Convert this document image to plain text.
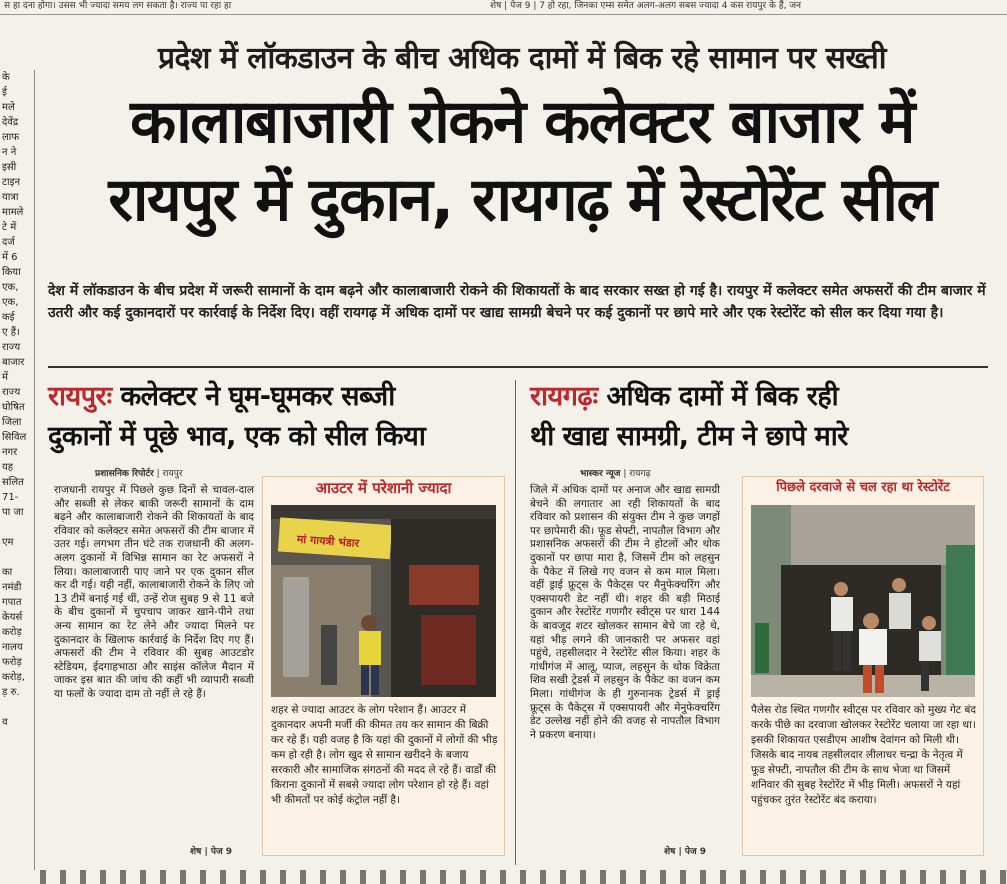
स हा दना होगा। उसस भी ज्यादा समय लग सकता है। राज्य पा रहा हा	शेष | पेज 9 | 7 हो रहा, जिनका एम्स समेत अलग-अलग सबस ज्यादा 4 कस रायपुर के हैं, जन
के
ई
मले
देवेंद्र
लाफ
न ने
इसी
टाइन
यात्रा
मामले
टे में
दर्ज
में 6
किया
एक,
एक,
कई
ए हैं।
राज्य
बाजार
में
राज्य
घोषित
जिला
सिविल
नगर
यह
सलित
71-
पा जा

एम

का
नमंडी
गपात
केयर्स
करोड़
नालय
फरोड़
करोड़,
ड़ रु.

व
प्रदेश में लॉकडाउन के बीच अधिक दामों में बिक रहे सामान पर सख्ती
कालाबाजारी रोकने कलेक्टर बाजार में
रायपुर में दुकान, रायगढ़ में रेस्टोरेंट सील
देश में लॉकडाउन के बीच प्रदेश में जरूरी सामानों के दाम बढ़ने और कालाबाजारी रोकने की शिकायतों के बाद सरकार सख्त हो गई है। रायपुर में कलेक्टर समेत अफसरों की टीम बाजार में उतरी और कई दुकानदारों पर कार्रवाई के निर्देश दिए। वहीं रायगढ़ में अधिक दामों पर खाद्य सामग्री बेचने पर कई दुकानों पर छापे मारे और एक रेस्टोरेंट को सील कर दिया गया है।
रायपुरः कलेक्टर ने घूम-घूमकर सब्जी
दुकानों में पूछे भाव, एक को सील किया
प्रशासनिक रिपोर्टर | रायपुर
राजधानी रायपुर में पिछले कुछ दिनों से चावल-दाल और सब्जी से लेकर बाकी जरूरी सामानों के दाम बढ़ने और कालाबाजारी रोकने की शिकायतों के बाद रविवार को कलेक्टर समेत अफसरों की टीम बाजार में उतर गई। लगभग तीन घंटे तक राजधानी की अलग-अलग दुकानों में विभिन्न सामान का रेट अफसरों ने लिया। कालाबाजारी पाए जाने पर एक दुकान सील कर दी गई। यही नहीं, कालाबाजारी रोकने के लिए जो 13 टीमें बनाई गई थीं, उन्हें रोज सुबह 9 से 11 बजे के बीच दुकानों में चुपचाप जाकर खाने-पीने तथा अन्य सामान का रेट लेने और ज्यादा मिलने पर दुकानदार के खिलाफ कार्रवाई के निर्देश दिए गए हैं। अफसरों की टीम ने रविवार की सुबह आउटडोर स्टेडियम, ईदगाहभाठा और साइंस कॉलेज मैदान में जाकर इस बात की जांच की कहीं भी व्यापारी सब्जी या फलों के ज्यादा दाम तो नहीं ले रहे हैं।
शेष | पेज 9
आउटर में परेशानी ज्यादा
मां गायत्री भंडार
शहर से ज्यादा आउटर के लोग परेशान हैं। आउटर में दुकानदार अपनी मर्जी की कीमत तय कर सामान की बिक्री कर रहे हैं। यही वजह है कि यहां की दुकानों में लोगों की भीड़ कम हो रही है। लोग खुद से सामान खरीदने के बजाय सरकारी और सामाजिक संगठनों की मदद ले रहे हैं। वार्डों की किराना दुकानों में सबसे ज्यादा लोग परेशान हो रहे हैं। वहां भी कीमतों पर कोई कंट्रोल नहीं है।
रायगढ़ः अधिक दामों में बिक रही
थी खाद्य सामग्री, टीम ने छापे मारे
भास्कर न्यूज | रायगढ़
जिले में अधिक दामों पर अनाज और खाद्य सामग्री बेचने की लगातार आ रही शिकायतों के बाद रविवार को प्रशासन की संयुक्त टीम ने कुछ जगहों पर छापेमारी की। फूड सेफ्टी, नापतौल विभाग और प्रशासनिक अफसरों की टीम ने होटलों और थोक दुकानों पर छापा मारा है, जिसमें टीम को लहसुन के पैकेट में लिखे गए वजन से कम माल मिला। वहीं ड्राई फ्रूट्स के पैकेट्स पर मैनुफेक्चरिंग और एक्सपायरी डेट नहीं थी। शहर की बड़ी मिठाई दुकान और रेस्टोरेंट गणगौर स्वीट्स पर धारा 144 के बावजूद शटर खोलकर सामान बेचे जा रहे थे, यहां भीड़ लगने की जानकारी पर अफसर वहां पहुंचे, तहसीलदार ने रेस्टोरेंट सील किया। शहर के गांधीगंज में आलू, प्याज, लहसुन के थोक विक्रेता शिव सखी ट्रेडर्स में लहसुन के पैकेट का वजन कम मिला। गांधीगंज के ही गुरुनानक ट्रेडर्स में ड्राई फ्रूट्स के पैकेट्स में एक्सपायरी और मेनुफेक्चरिंग डेट उल्लेख नहीं होने की वजह से नापतौल विभाग ने प्रकरण बनाया।
शेष | पेज 9
पिछले दरवाजे से चल रहा था रेस्टोरेंट
पैलेस रोड स्थित गणगौर स्वीट्स पर रविवार को मुख्य गेट बंद करके पीछे का दरवाजा खोलकर रेस्टोरेंट चलाया जा रहा था। इसकी शिकायत एसडीएम आशीष देवांगन को मिली थी। जिसके बाद नायब तहसीलदार लीलाधर चन्द्रा के नेतृत्व में फूड सेफ्टी, नापतौल की टीम के साथ भेजा था जिसमें शनिवार की सुबह रेस्टोरेंट में भीड़ मिली। अफसरों ने यहां पहुंचकर तुरंत रेस्टोरेंट बंद कराया।
